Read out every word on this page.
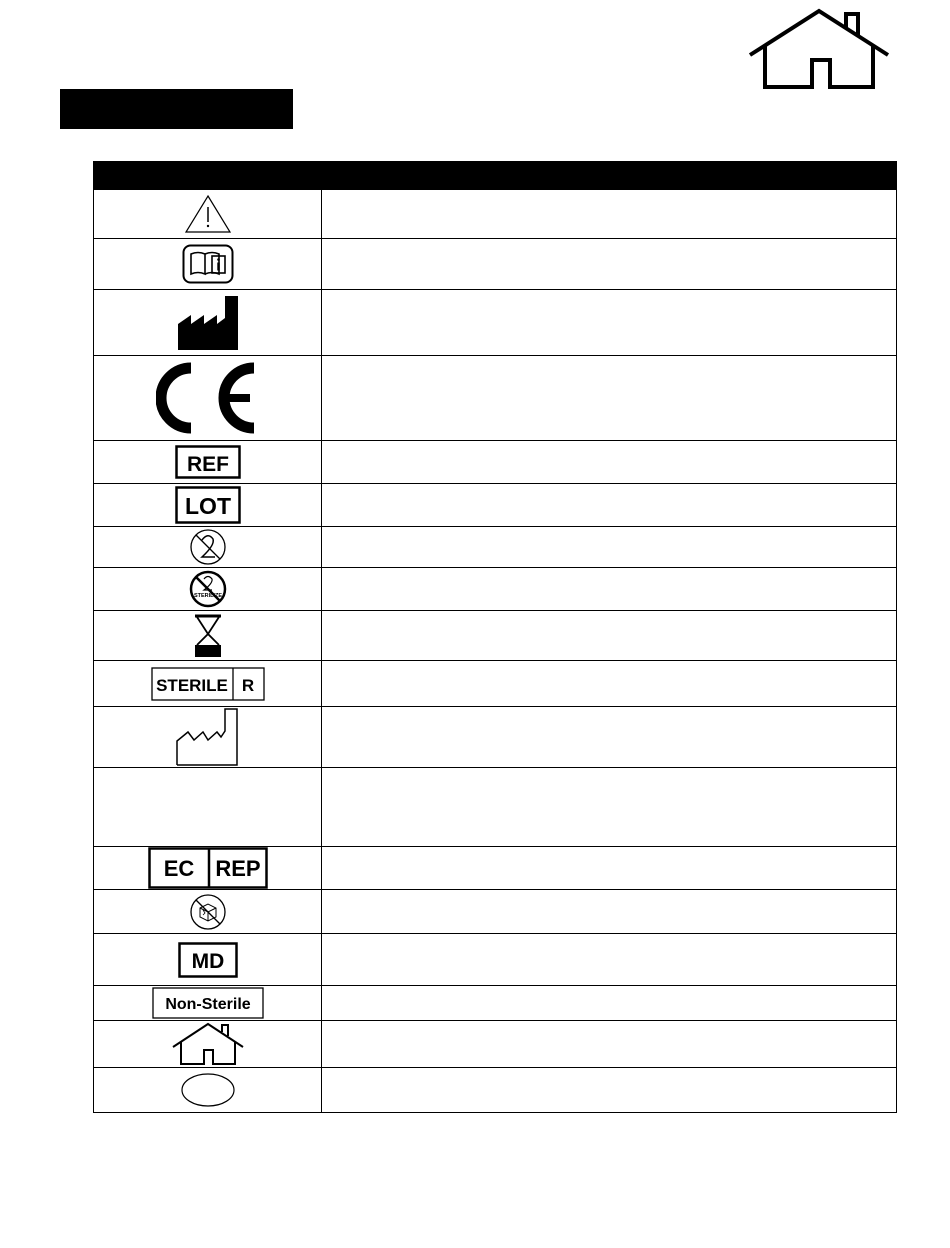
REF	

LOT	

STERILIZE	

STERILE R	

EC REP	

MD	

Non-Sterile	
